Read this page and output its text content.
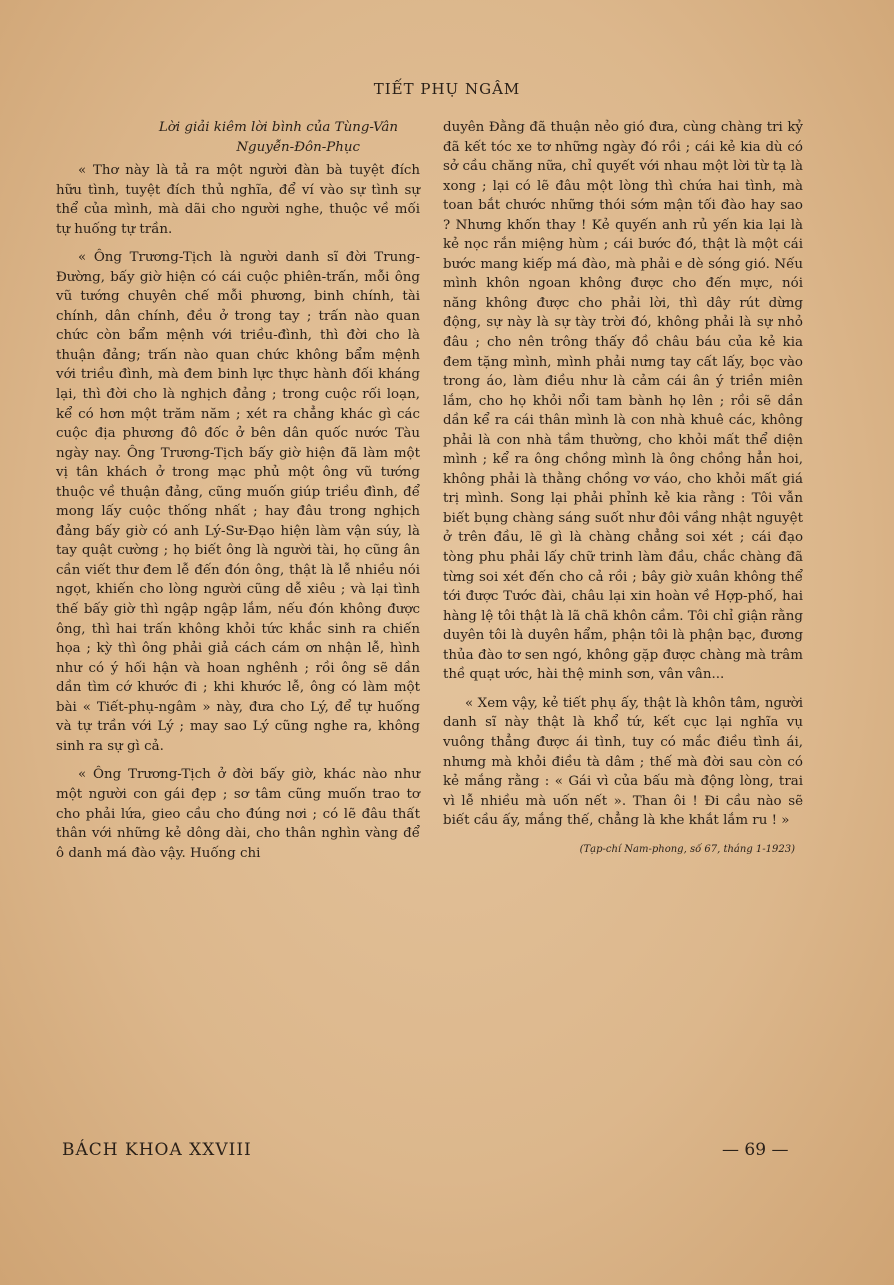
TIẾT PHỤ NGÂM
Lời giải kiêm lời bình của Tùng-Vân
Nguyễn-Đôn-Phục

« Thơ này là tả ra một người đàn bà tuyệt đích hữu tình, tuyệt đích thủ nghĩa, để ví vào sự tình sự thể của mình, mà dãi cho người nghe, thuộc về mối tự huống tự trần.

« Ông Trương-Tịch là người danh sĩ đời Trung-Đường, bấy giờ hiện có cái cuộc phiên-trấn, mỗi ông vũ tướng chuyên chế mỗi phương, binh chính, tài chính, dân chính, đều ở trong tay ; trấn nào quan chức còn bẩm mệnh với triều-đình, thì đời cho là thuận đảng; trấn nào quan chức không bẩm mệnh với triều đình, mà đem binh lực thực hành đối kháng lại, thì đời cho là nghịch đảng ; trong cuộc rối loạn, kể có hơn một trăm năm ; xét ra chẳng khác gì các cuộc địa phương đô đốc ở bên dân quốc nước Tàu ngày nay. Ông Trương-Tịch bấy giờ hiện đã làm một vị tân khách ở trong mạc phủ một ông vũ tướng thuộc về thuận đảng, cũng muốn giúp triều đình, để mong lấy cuộc thống nhất ; hay đâu trong nghịch đảng bấy giờ có anh Lý-Sư-Đạo hiện làm vận súy, là tay quật cường ; họ biết ông là người tài, họ cũng ân cần viết thư đem lễ đến đón ông, thật là lễ nhiều nói ngọt, khiến cho lòng người cũng dễ xiêu ; và lại tình thế bấy giờ thì ngập ngập lắm, nếu đón không được ông, thì hai trấn không khỏi tức khắc sinh ra chiến họa ; kỳ thì ông phải giả cách cám ơn nhận lễ, hình như có ý hối hận và hoan nghênh ; rồi ông sẽ dần dần tìm cớ khước đi ; khi khước lễ, ông có làm một bài « Tiết-phụ-ngâm » này, đưa cho Lý, để tự huống và tự trần với Lý ; may sao Lý cũng nghe ra, không sinh ra sự gì cả.

« Ông Trương-Tịch ở đời bấy giờ, khác nào như một người con gái đẹp ; sơ tâm cũng muốn trao tơ cho phải lứa, gieo cầu cho đúng nơi ; có lẽ đâu thất thân với những kẻ dông dài, cho thân nghìn vàng để ô danh má đào vậy. Huống chi

duyên Đằng đã thuận nẻo gió đưa, cùng chàng tri kỷ đã kết tóc xe tơ những ngày đó rồi ; cái kẻ kia dù có sở cầu chăng nữa, chỉ quyết với nhau một lời từ tạ là xong ; lại có lẽ đâu một lòng thì chứa hai tình, mà toan bắt chước những thói sớm mận tối đào hay sao ? Nhưng khốn thay ! Kẻ quyến anh rủ yến kia lại là kẻ nọc rắn miệng hùm ; cái bước đó, thật là một cái bước mang kiếp má đào, mà phải e dè sóng gió. Nếu mình khôn ngoan không được cho đến mực, nói năng không được cho phải lời, thì dây rút dừng động, sự này là sự tày trời đó, không phải là sự nhỏ đâu ; cho nên trông thấy đồ châu báu của kẻ kia đem tặng mình, mình phải nưng tay cất lấy, bọc vào trong áo, làm điều như là cảm cái ân ý triền miên lắm, cho họ khỏi nổi tam bành họ lên ; rồi sẽ dần dần kể ra cái thân mình là con nhà khuê các, không phải là con nhà tầm thường, cho khỏi mất thể diện mình ; kể ra ông chồng mình là ông chồng hẳn hoi, không phải là thằng chồng vơ váo, cho khỏi mất giá trị mình. Song lại phải phỉnh kẻ kia rằng : Tôi vẫn biết bụng chàng sáng suốt như đôi vầng nhật nguyệt ở trên đầu, lẽ gì là chàng chẳng soi xét ; cái đạo tòng phu phải lấy chữ trinh làm đầu, chắc chàng đã từng soi xét đến cho cả rồi ; bây giờ xuân không thể tới được Tước đài, châu lại xin hoàn về Hợp-phố, hai hàng lệ tôi thật là lã chã khôn cầm. Tôi chỉ giận rằng duyên tôi là duyên hẩm, phận tôi là phận bạc, đương thủa đào tơ sen ngó, không gặp được chàng mà trâm thề quạt ước, hài thệ minh sơn, vân vân...

« Xem vậy, kẻ tiết phụ ấy, thật là khôn tâm, người danh sĩ này thật là khổ tứ, kết cục lại nghĩa vụ vuông thẳng được ái tình, tuy có mắc điều tình ái, nhưng mà khỏi điều tà dâm ; thế mà đời sau còn có kẻ mắng rằng : « Gái vì của bấu mà động lòng, trai vì lễ nhiều mà uốn nết ». Than ôi ! Đi cầu nào sẽ biết cầu ấy, mắng thế, chẳng là khe khắt lắm ru ! »

(Tạp-chí Nam-phong, số 67, tháng 1-1923)
BÁCH KHOA XXVIII	— 69 —
